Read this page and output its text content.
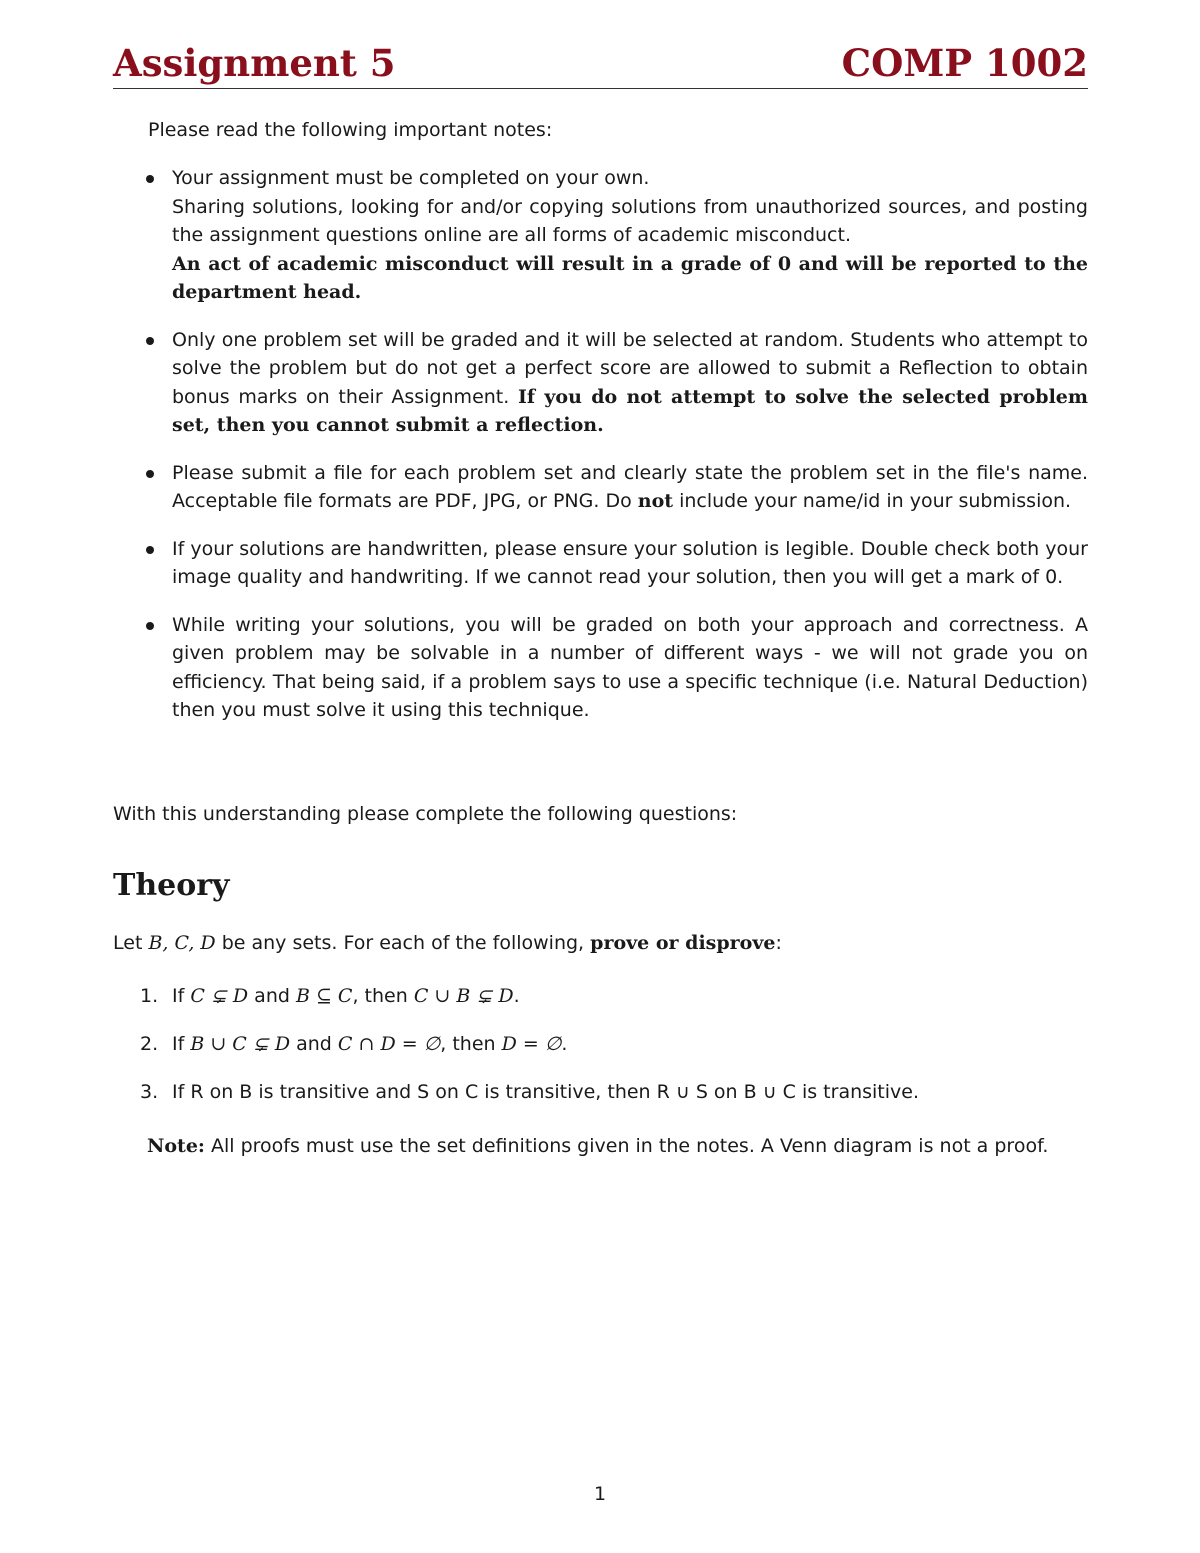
Assignment 5	COMP 1002
Please read the following important notes:

Your assignment must be completed on your own.

Sharing solutions, looking for and/or copying solutions from unauthorized sources, and posting the assignment questions online are all forms of academic misconduct.

An act of academic misconduct will result in a grade of 0 and will be reported to the department head.

Only one problem set will be graded and it will be selected at random. Students who attempt to solve the problem but do not get a perfect score are allowed to submit a Reflection to obtain bonus marks on their Assignment. If you do not attempt to solve the selected problem set, then you cannot submit a reflection.

Please submit a file for each problem set and clearly state the problem set in the file's name. Acceptable file formats are PDF, JPG, or PNG. Do not include your name/id in your submission.

If your solutions are handwritten, please ensure your solution is legible. Double check both your image quality and handwriting. If we cannot read your solution, then you will get a mark of 0.

While writing your solutions, you will be graded on both your approach and correctness. A given problem may be solvable in a number of different ways - we will not grade you on efficiency. That being said, if a problem says to use a specific technique (i.e. Natural Deduction) then you must solve it using this technique.

With this understanding please complete the following questions:
Theory
Let B, C, D be any sets. For each of the following, prove or disprove:
1. If C ⊊ D and B ⊆ C, then C ∪ B ⊊ D.
2. If B ∪ C ⊊ D and C ∩ D = ∅, then D = ∅.
3. If R on B is transitive and S on C is transitive, then R ∪ S on B ∪ C is transitive.
Note: All proofs must use the set definitions given in the notes. A Venn diagram is not a proof.
1
